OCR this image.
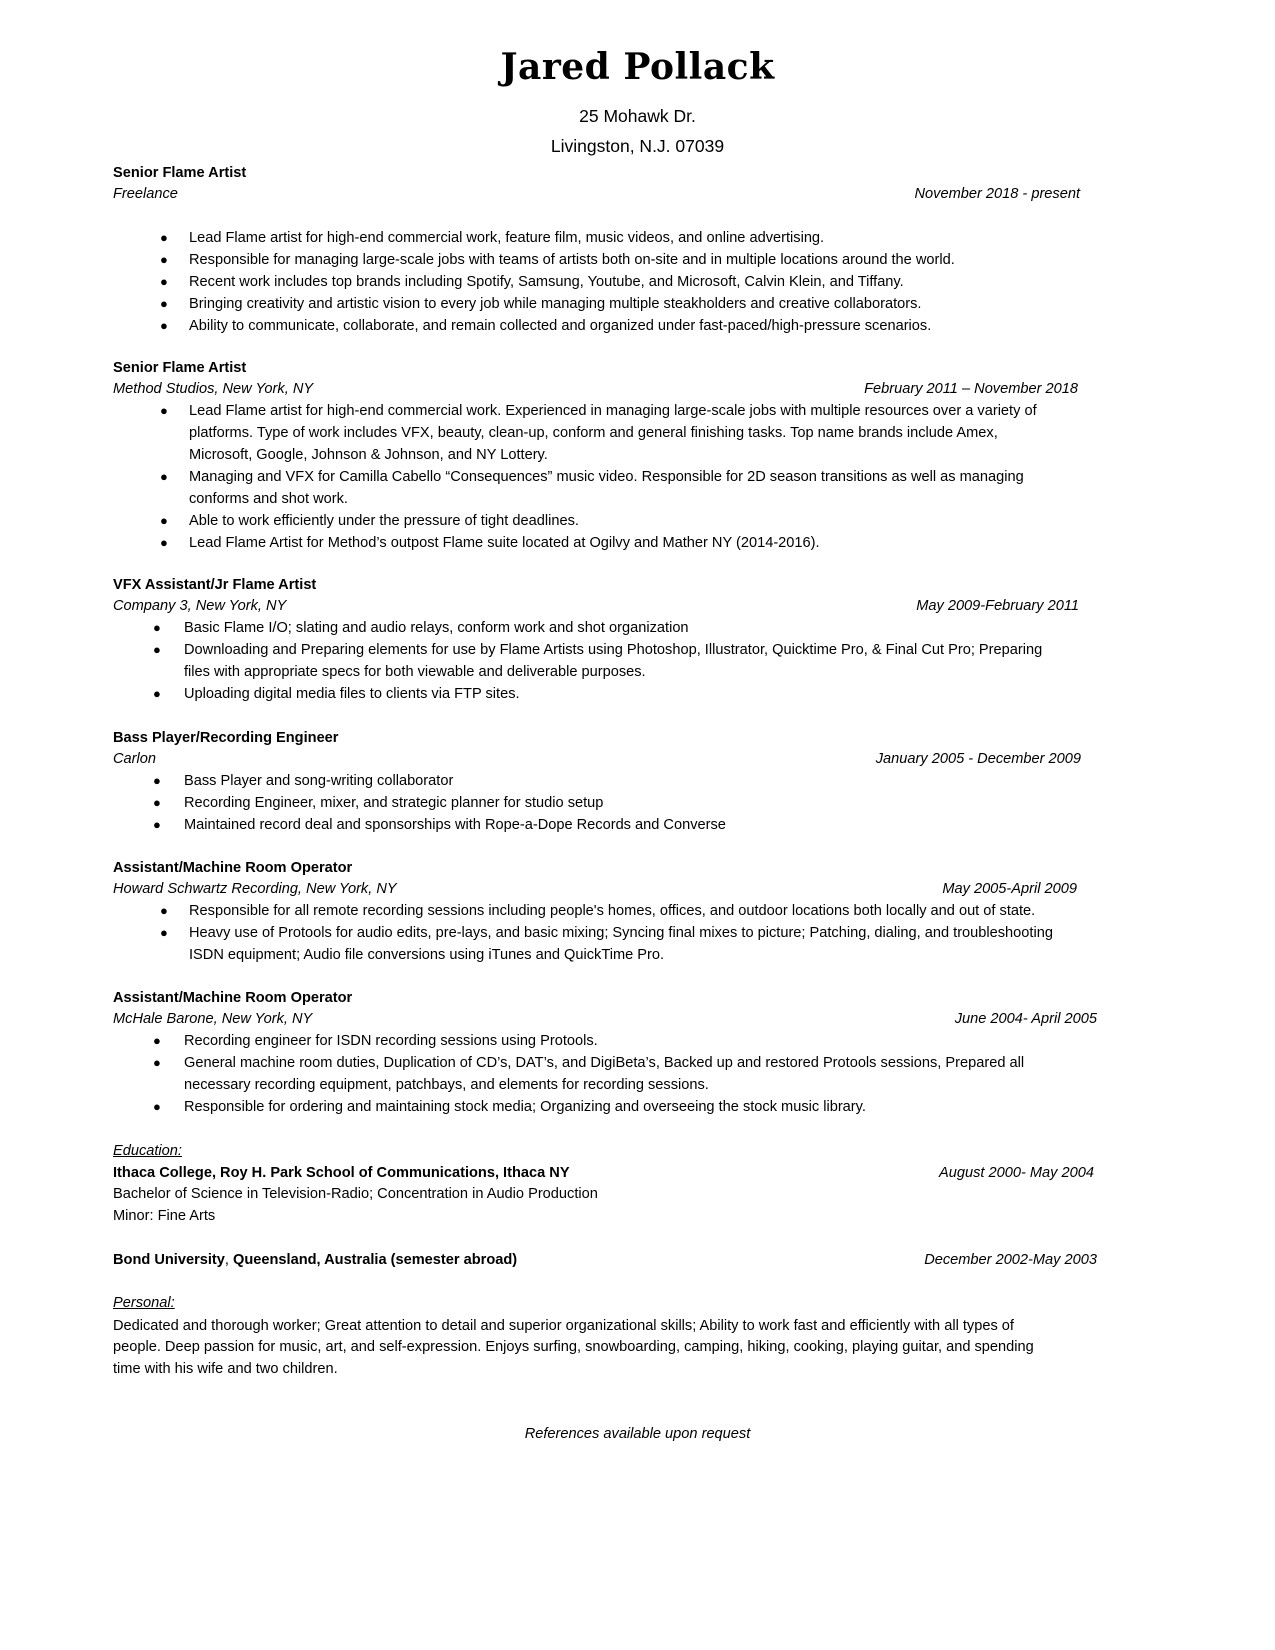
Jared Pollack
25 Mohawk Dr.
Livingston, N.J. 07039
Senior Flame Artist
Freelance	November 2018 - present
● Lead Flame artist for high-end commercial work, feature film, music videos, and online advertising.
● Responsible for managing large-scale jobs with teams of artists both on-site and in multiple locations around the world.
● Recent work includes top brands including Spotify, Samsung, Youtube, and Microsoft, Calvin Klein, and Tiffany.
● Bringing creativity and artistic vision to every job while managing multiple steakholders and creative collaborators.
● Ability to communicate, collaborate, and remain collected and organized under fast-paced/high-pressure scenarios.
Senior Flame Artist
Method Studios, New York, NY	February 2011 – November 2018
● Lead Flame artist for high-end commercial work. Experienced in managing large-scale jobs with multiple resources over a variety of
platforms. Type of work includes VFX, beauty, clean-up, conform and general finishing tasks. Top name brands include Amex,
Microsoft, Google, Johnson & Johnson, and NY Lottery.
● Managing and VFX for Camilla Cabello “Consequences” music video. Responsible for 2D season transitions as well as managing
conforms and shot work.
● Able to work efficiently under the pressure of tight deadlines.
● Lead Flame Artist for Method’s outpost Flame suite located at Ogilvy and Mather NY (2014-2016).
VFX Assistant/Jr Flame Artist
Company 3, New York, NY	May 2009-February 2011
● Basic Flame I/O; slating and audio relays, conform work and shot organization
● Downloading and Preparing elements for use by Flame Artists using Photoshop, Illustrator, Quicktime Pro, & Final Cut Pro; Preparing
files with appropriate specs for both viewable and deliverable purposes.
● Uploading digital media files to clients via FTP sites.
Bass Player/Recording Engineer
Carlon	January 2005 - December 2009
● Bass Player and song-writing collaborator
● Recording Engineer, mixer, and strategic planner for studio setup
● Maintained record deal and sponsorships with Rope-a-Dope Records and Converse
Assistant/Machine Room Operator
Howard Schwartz Recording, New York, NY	May 2005-April 2009
● Responsible for all remote recording sessions including people's homes, offices, and outdoor locations both locally and out of state.
● Heavy use of Protools for audio edits, pre-lays, and basic mixing; Syncing final mixes to picture; Patching, dialing, and troubleshooting
ISDN equipment; Audio file conversions using iTunes and QuickTime Pro.
Assistant/Machine Room Operator
McHale Barone, New York, NY	June 2004- April 2005
● Recording engineer for ISDN recording sessions using Protools.
● General machine room duties, Duplication of CD’s, DAT’s, and DigiBeta’s, Backed up and restored Protools sessions, Prepared all
necessary recording equipment, patchbays, and elements for recording sessions.
● Responsible for ordering and maintaining stock media; Organizing and overseeing the stock music library.
Education:
Ithaca College, Roy H. Park School of Communications, Ithaca NY	August 2000- May 2004
Bachelor of Science in Television-Radio; Concentration in Audio Production
Minor: Fine Arts
Bond University, Queensland, Australia (semester abroad)	December 2002-May 2003
Personal:
Dedicated and thorough worker; Great attention to detail and superior organizational skills; Ability to work fast and efficiently with all types of
people. Deep passion for music, art, and self-expression. Enjoys surfing, snowboarding, camping, hiking, cooking, playing guitar, and spending
time with his wife and two children.
References available upon request
